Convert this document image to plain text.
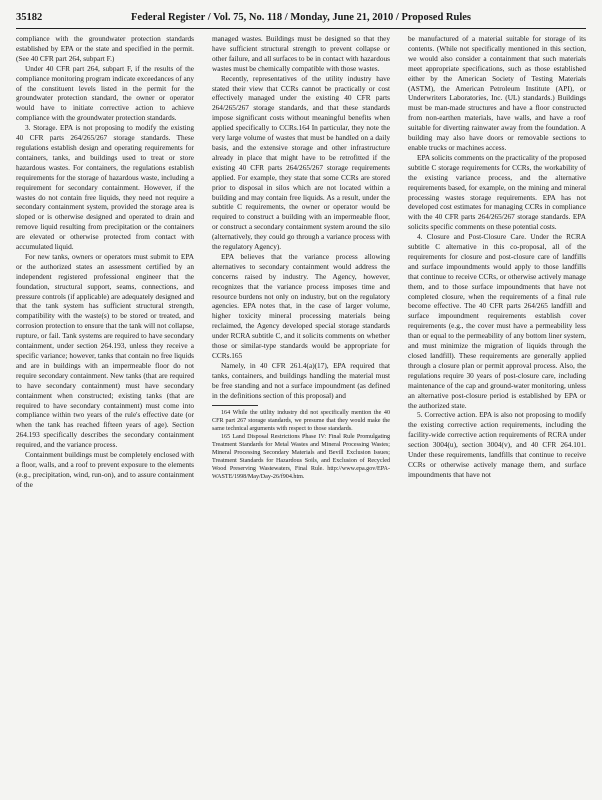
35182	Federal Register / Vol. 75, No. 118 / Monday, June 21, 2010 / Proposed Rules

compliance with the groundwater protection standards established by EPA or the state and specified in the permit. (See 40 CFR part 264, subpart F.)

Under 40 CFR part 264, subpart F, if the results of the compliance monitoring program indicate exceedances of any of the constituent levels listed in the permit for the groundwater protection standard, the owner or operator would have to initiate corrective action to achieve compliance with the groundwater protection standards.

3. Storage. EPA is not proposing to modify the existing 40 CFR parts 264/265/267 storage standards. These regulations establish design and operating requirements for containers, tanks, and buildings used to treat or store hazardous wastes. For containers, the regulations establish requirements for the storage of hazardous waste, including a requirement for secondary containment. However, if the wastes do not contain free liquids, they need not require a secondary containment system, provided the storage area is sloped or is otherwise designed and operated to drain and remove liquid resulting from precipitation or the containers are elevated or otherwise protected from contact with accumulated liquid.

For new tanks, owners or operators must submit to EPA or the authorized states an assessment certified by an independent registered professional engineer that the foundation, structural support, seams, connections, and pressure controls (if applicable) are adequately designed and that the tank system has sufficient structural strength, compatibility with the waste(s) to be stored or treated, and corrosion protection to ensure that the tank will not collapse, rupture, or fail. Tank systems are required to have secondary containment, under section 264.193, unless they receive a specific variance; however, tanks that contain no free liquids and are in buildings with an impermeable floor do not require secondary containment. New tanks (that are required to have secondary containment) must have secondary containment when constructed; existing tanks (that are required to have secondary containment) must come into compliance within two years of the rule's effective date (or when the tank has reached fifteen years of age). Section 264.193 specifically describes the secondary containment required, and the variance process.

Containment buildings must be completely enclosed with a floor, walls, and a roof to prevent exposure to the elements (e.g., precipitation, wind, run-on), and to assure containment of the

managed wastes. Buildings must be designed so that they have sufficient structural strength to prevent collapse or other failure, and all surfaces to be in contact with hazardous wastes must be chemically compatible with those wastes.

Recently, representatives of the utility industry have stated their view that CCRs cannot be practically or cost effectively managed under the existing 40 CFR parts 264/265/267 storage standards, and that these standards impose significant costs without meaningful benefits when applied specifically to CCRs.164 In particular, they note the very large volume of wastes that must be handled on a daily basis, and the extensive storage and other infrastructure already in place that might have to be retrofitted if the existing 40 CFR parts 264/265/267 storage requirements applied. For example, they state that some CCRs are stored prior to disposal in silos which are not located within a building and may contain free liquids. As a result, under the subtitle C requirements, the owner or operator would be required to construct a building with an impermeable floor, or construct a secondary containment system around the silo (alternatively, they could go through a variance process with the regulatory Agency).

EPA believes that the variance process allowing alternatives to secondary containment would address the concerns raised by industry. The Agency, however, recognizes that the variance process imposes time and resource burdens not only on industry, but on the regulatory agencies. EPA notes that, in the case of larger volume, higher toxicity mineral processing materials being reclaimed, the Agency developed special storage standards under RCRA subtitle C, and it solicits comments on whether those or similar-type standards would be appropriate for CCRs.165

Namely, in 40 CFR 261.4(a)(17), EPA required that tanks, containers, and buildings handling the material must be free standing and not a surface impoundment (as defined in the definitions section of this proposal) and

164 While the utility industry did not specifically mention the 40 CFR part 267 storage standards, we presume that they would make the same technical arguments with respect to those standards.

165 Land Disposal Restrictions Phase IV: Final Rule Promulgating Treatment Standards for Metal Wastes and Mineral Processing Wastes; Mineral Processing Secondary Materials and Bevill Exclusion Issues; Treatment Standards for Hazardous Soils, and Exclusion of Recycled Wood Preserving Wastewaters, Final Rule. http://www.epa.gov/EPA-WASTE/1998/May/Day-26/f904.htm.

be manufactured of a material suitable for storage of its contents. (While not specifically mentioned in this section, we would also consider a containment that such materials meet appropriate specifications, such as those established either by the American Society of Testing Materials (ASTM), the American Petroleum Institute (API), or Underwriters Laboratories, Inc. (UL) standards.) Buildings must be man-made structures and have a floor constructed from non-earthen materials, have walls, and have a roof suitable for diverting rainwater away from the foundation. A building may also have doors or removable sections to enable trucks or machines access.

EPA solicits comments on the practicality of the proposed subtitle C storage requirements for CCRs, the workability of the existing variance process, and the alternative requirements based, for example, on the mining and mineral processing wastes storage requirements. EPA has not developed cost estimates for managing CCRs in compliance with the 40 CFR parts 264/265/267 storage standards. EPA solicits specific comments on these potential costs.

4. Closure and Post-Closure Care. Under the RCRA subtitle C alternative in this co-proposal, all of the requirements for closure and post-closure care of landfills and surface impoundments would apply to those landfills that continue to receive CCRs, or otherwise actively manage them, and to those surface impoundments that have not completed closure, when the requirements of a final rule become effective. The 40 CFR parts 264/265 landfill and surface impoundment requirements establish cover requirements (e.g., the cover must have a permeability less than or equal to the permeability of any bottom liner system, and must minimize the migration of liquids through the closed landfill). These requirements are generally applied through a closure plan or permit approval process. Also, the regulations require 30 years of post-closure care, including maintenance of the cap and ground-water monitoring, unless an alternative post-closure period is established by EPA or the authorized state.

5. Corrective action. EPA is also not proposing to modify the existing corrective action requirements, including the facility-wide corrective action requirements of RCRA under section 3004(u), section 3004(v), and 40 CFR 264.101. Under these requirements, landfills that continue to receive CCRs or otherwise actively manage them, and surface impoundments that have not
